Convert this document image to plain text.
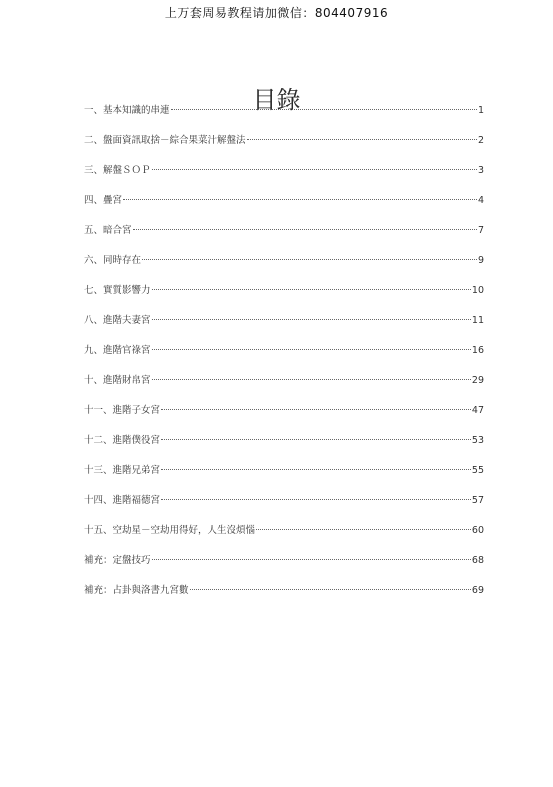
上万套周易教程请加微信：804407916
目錄
一、基本知識的串連	1
二、盤面資訊取捨－綜合果菜汁解盤法	2
三、解盤ＳＯＰ	3
四、疊宮	4
五、暗合宮	7
六、同時存在	9
七、實質影響力	10
八、進階夫妻宮	11
九、進階官祿宮	16
十、進階財帛宮	29
十一、進階子女宮	47
十二、進階僕役宮	53
十三、進階兄弟宮	55
十四、進階福德宮	57
十五、空劫星－空劫用得好，人生沒煩惱	60
補充：定盤技巧	68
補充：占卦與洛書九宮數	69
